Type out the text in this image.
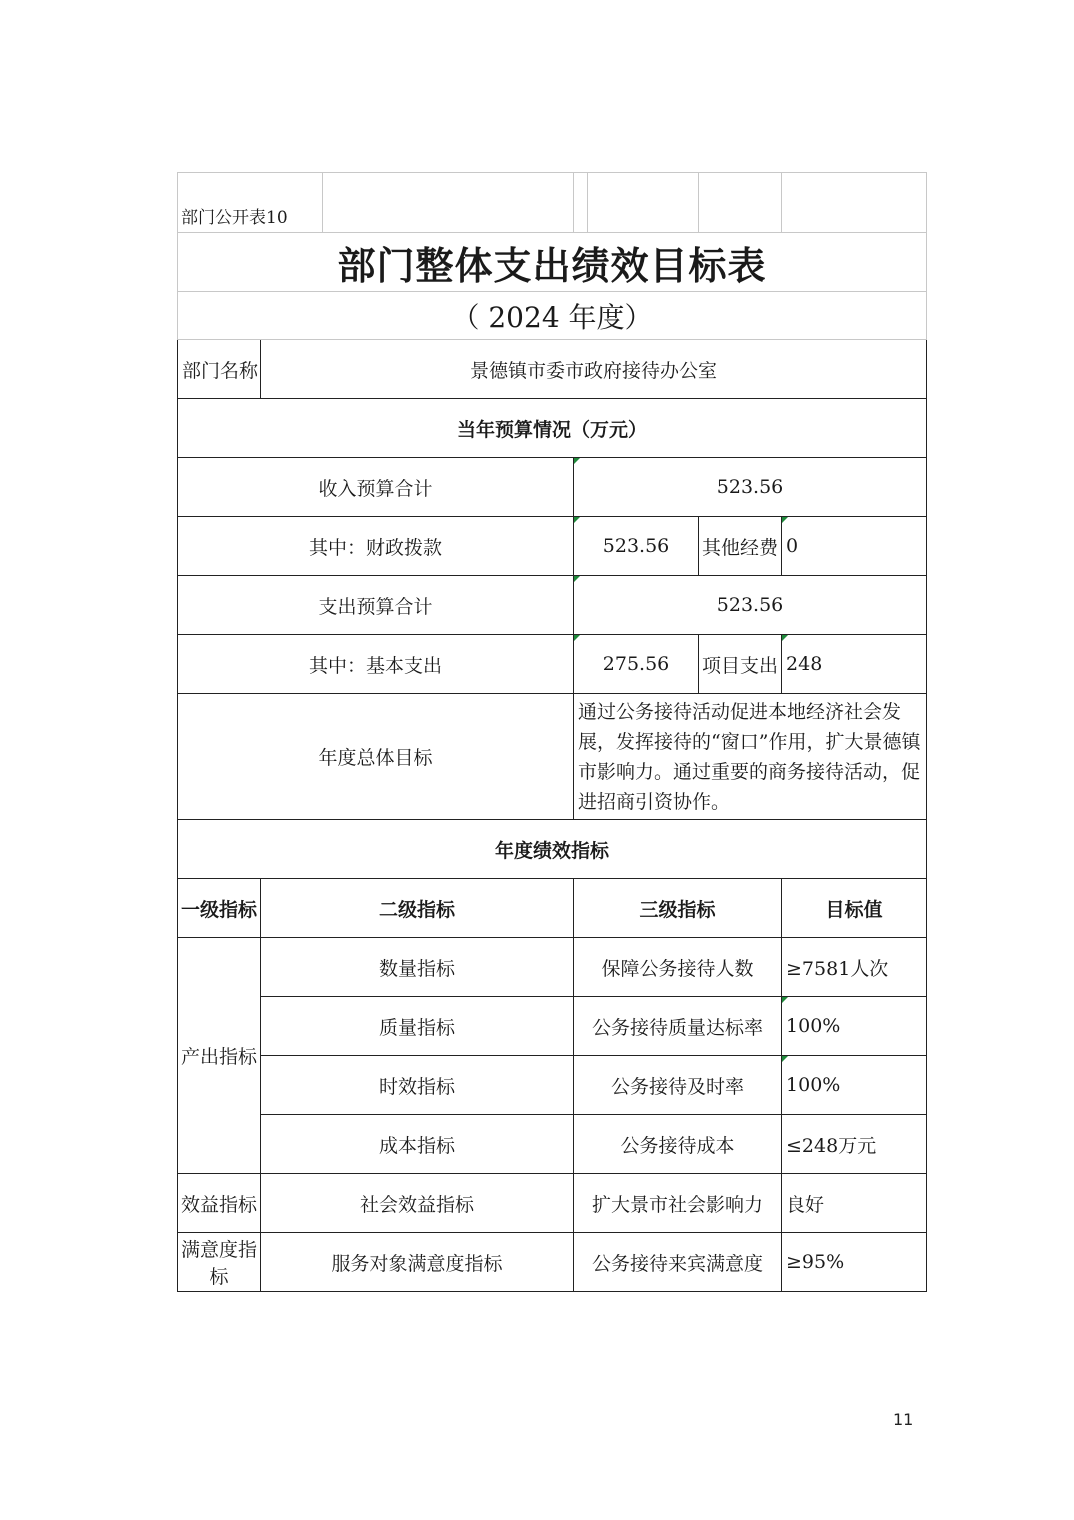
部门公开表10						
部门整体支出绩效目标表						
（ 2024 年度）						
部门名称	景德镇市委市政府接待办公室					
当年预算情况（万元）						
收入预算合计			523.56			
其中：财政拨款			523.56		其他经费	0
支出预算合计			523.56			
其中：基本支出			275.56		项目支出	248
年度总体目标			通过公务接待活动促进本地经济社会发展，发挥接待的“窗口”作用，扩大景德镇市影响力。通过重要的商务接待活动，促进招商引资协作。			
年度绩效指标						
一级指标	二级指标		三级指标			目标值
产出指标	数量指标		保障公务接待人数			≥7581人次
	质量指标		公务接待质量达标率			100%
	时效指标		公务接待及时率			100%
	成本指标		公务接待成本			≤248万元
效益指标	社会效益指标		扩大景市社会影响力			良好
满意度指标	服务对象满意度指标		公务接待来宾满意度			≥95%
11
